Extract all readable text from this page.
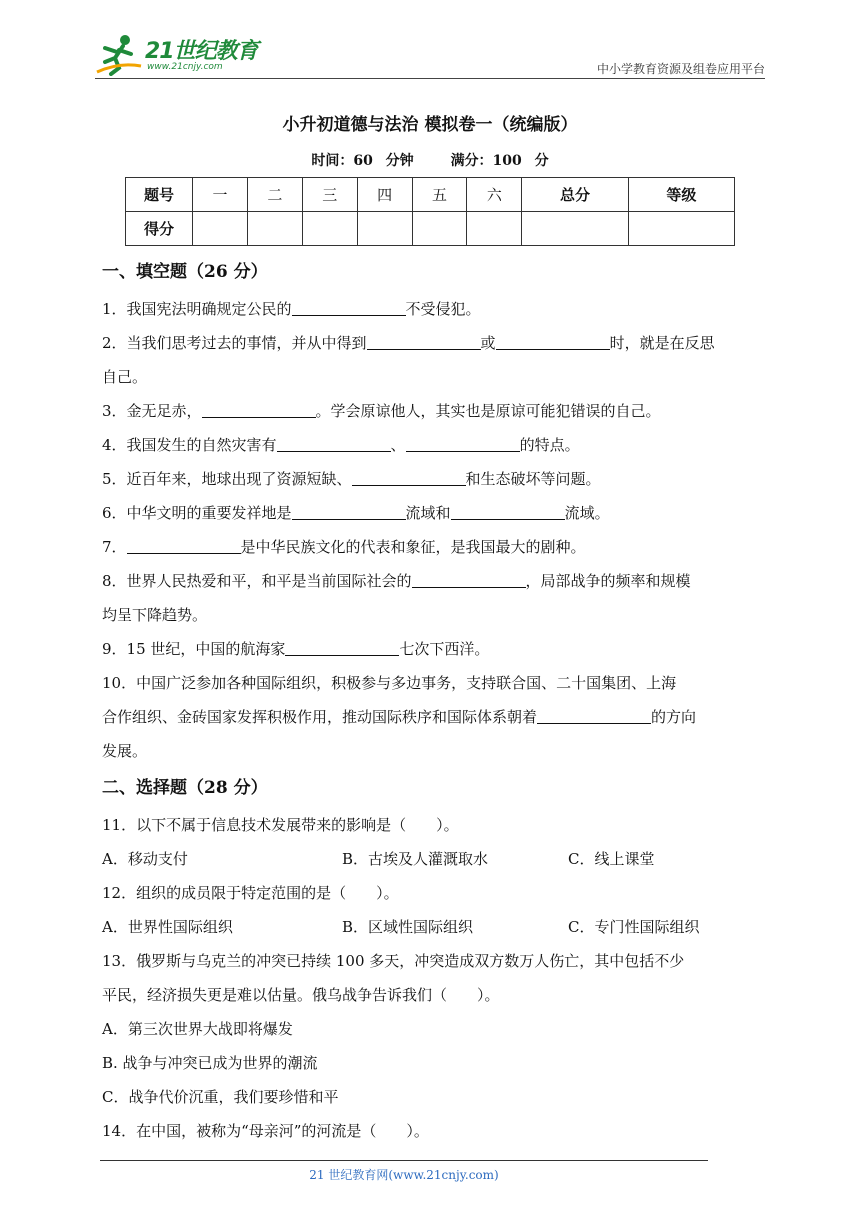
21世纪教育
www.21cnjy.com	中小学教育资源及组卷应用平台
小升初道德与法治 模拟卷一（统编版）
时间：60 分钟	满分：100 分
题号	一	二	三	四	五	六	总分	等级
得分								
一、填空题（26 分）
1．我国宪法明确规定公民的	不受侵犯。
2．当我们思考过去的事情，并从中得到	或	时，就是在反思
自己。
3．金无足赤，	。学会原谅他人，其实也是原谅可能犯错误的自己。
4．我国发生的自然灾害有	、	的特点。
5．近百年来，地球出现了资源短缺、	和生态破坏等问题。
6．中华文明的重要发祥地是	流域和	流域。
7．	是中华民族文化的代表和象征，是我国最大的剧种。
8．世界人民热爱和平，和平是当前国际社会的	，局部战争的频率和规模
均呈下降趋势。
9．15 世纪，中国的航海家	七次下西洋。
10．中国广泛参加各种国际组织，积极参与多边事务，支持联合国、二十国集团、上海
合作组织、金砖国家发挥积极作用，推动国际秩序和国际体系朝着	的方向
发展。
二、选择题（28 分）
11．以下不属于信息技术发展带来的影响是（　　）。
A．移动支付	B．古埃及人灌溉取水	C．线上课堂
12．组织的成员限于特定范围的是（　　）。
A．世界性国际组织	B．区域性国际组织	C．专门性国际组织
13．俄罗斯与乌克兰的冲突已持续 100 多天，冲突造成双方数万人伤亡，其中包括不少
平民，经济损失更是难以估量。俄乌战争告诉我们（　　）。
A．第三次世界大战即将爆发
B. 战争与冲突已成为世界的潮流
C．战争代价沉重，我们要珍惜和平
14．在中国，被称为“母亲河”的河流是（　　）。
21 世纪教育网(www.21cnjy.com)
